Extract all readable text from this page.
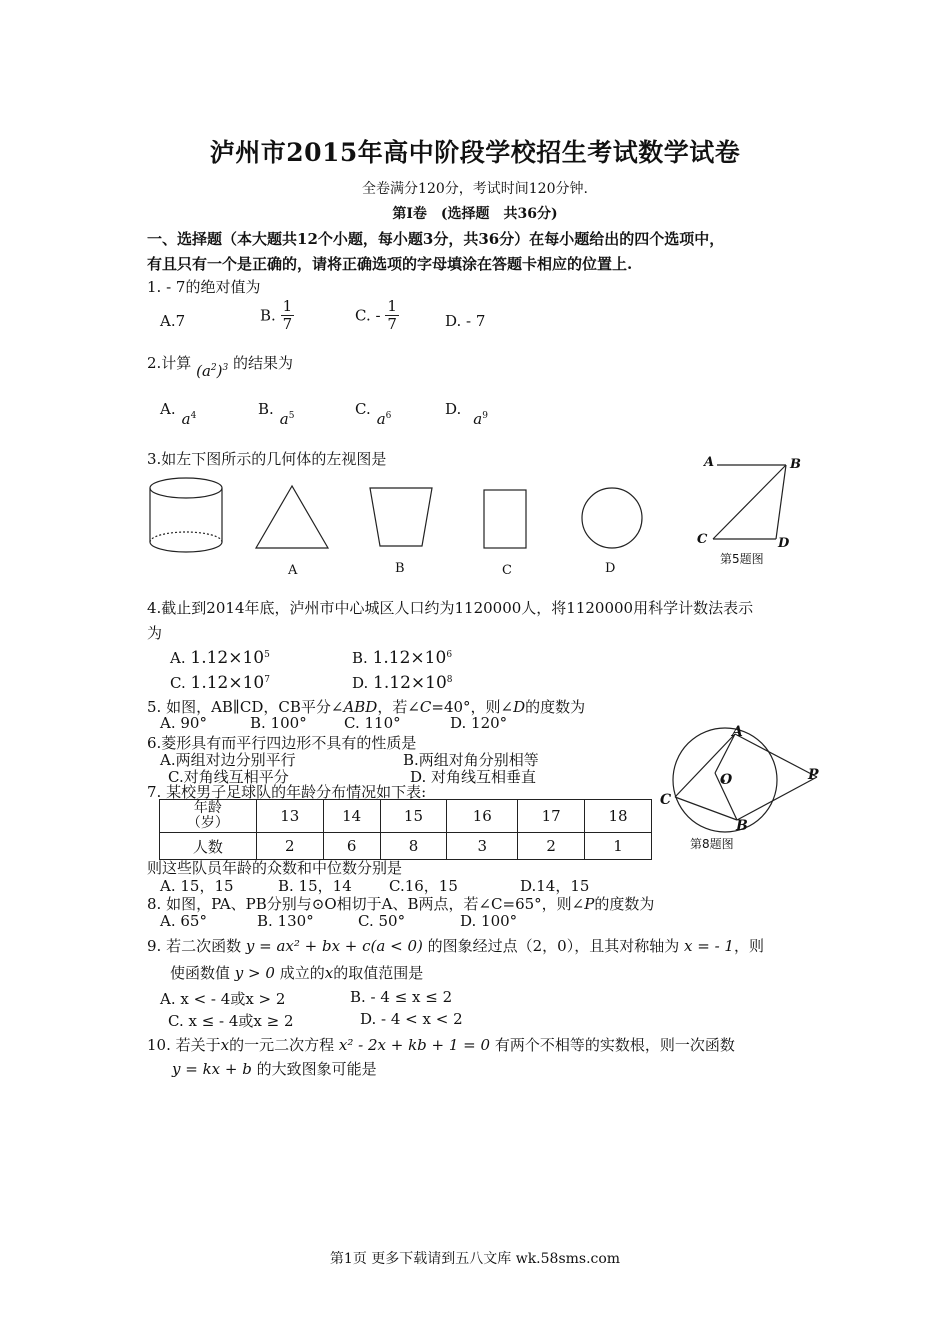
泸州市2015年高中阶段学校招生考试数学试卷
全卷满分120分，考试时间120分钟.
第Ⅰ卷　(选择题　共36分)
一、选择题（本大题共12个小题，每小题3分，共36分）在每小题给出的四个选项中，
有且只有一个是正确的，请将正确选项的字母填涂在答题卡相应的位置上.
1. - 7的绝对值为
A.7	B. $\frac{1}{7}$	C. - $\frac{1}{7}$	D. - 7
2.计算 $(a^2)^3$ 的结果为
$A.a^4$	$B.a^5$	$C.a^6$	$D.a^9$
3.如左下图所示的几何体的左视图是
A	B	C	D
A	B
C	D
第5题图
4.截止到2014年底，泸州市中心城区人口约为1120000人，将1120000用科学计数法表示
为
A. $1.12\times 10^5$	B. $1.12\times 10^6$
C. $1.12\times 10^7$	D. $1.12\times 10^8$
5. 如图，AB∥CD，CB平分∠ABD，若∠C=40°，则∠D的度数为
A. 90°	B. 100° C. 110°	D. 120°
6.菱形具有而平行四边形不具有的性质是
A.两组对边分别平行	B.两组对角分别相等
C.对角线互相平分	D. 对角线互相垂直
A
O	P
C
B
第8题图
7. 某校男子足球队的年龄分布情况如下表:
年龄
（岁）	13	14	15	16	17	18
人数	2	6	8	3	2	1
则这些队员年龄的众数和中位数分别是
A. 15，15	B. 15，14 C.16，15	D.14，15
8. 如图，PA、PB分别与⊙O相切于A、B两点，若∠C=65°，则∠P的度数为
A. 65°	B. 130°	C. 50°	D. 100°
9. 若二次函数 y = ax² + bx + c(a < 0) 的图象经过点（2，0），且其对称轴为 x = - 1，则
使函数值 y > 0 成立的x的取值范围是
A. x < - 4或x > 2	B. - 4 ≤ x ≤ 2
C. x ≤ - 4或x ≥ 2	D. - 4 < x < 2
10. 若关于x的一元二次方程 x² - 2x + kb + 1 = 0 有两个不相等的实数根，则一次函数
y = kx + b 的大致图象可能是
第1页 更多下载请到五八文库 wk.58sms.com
